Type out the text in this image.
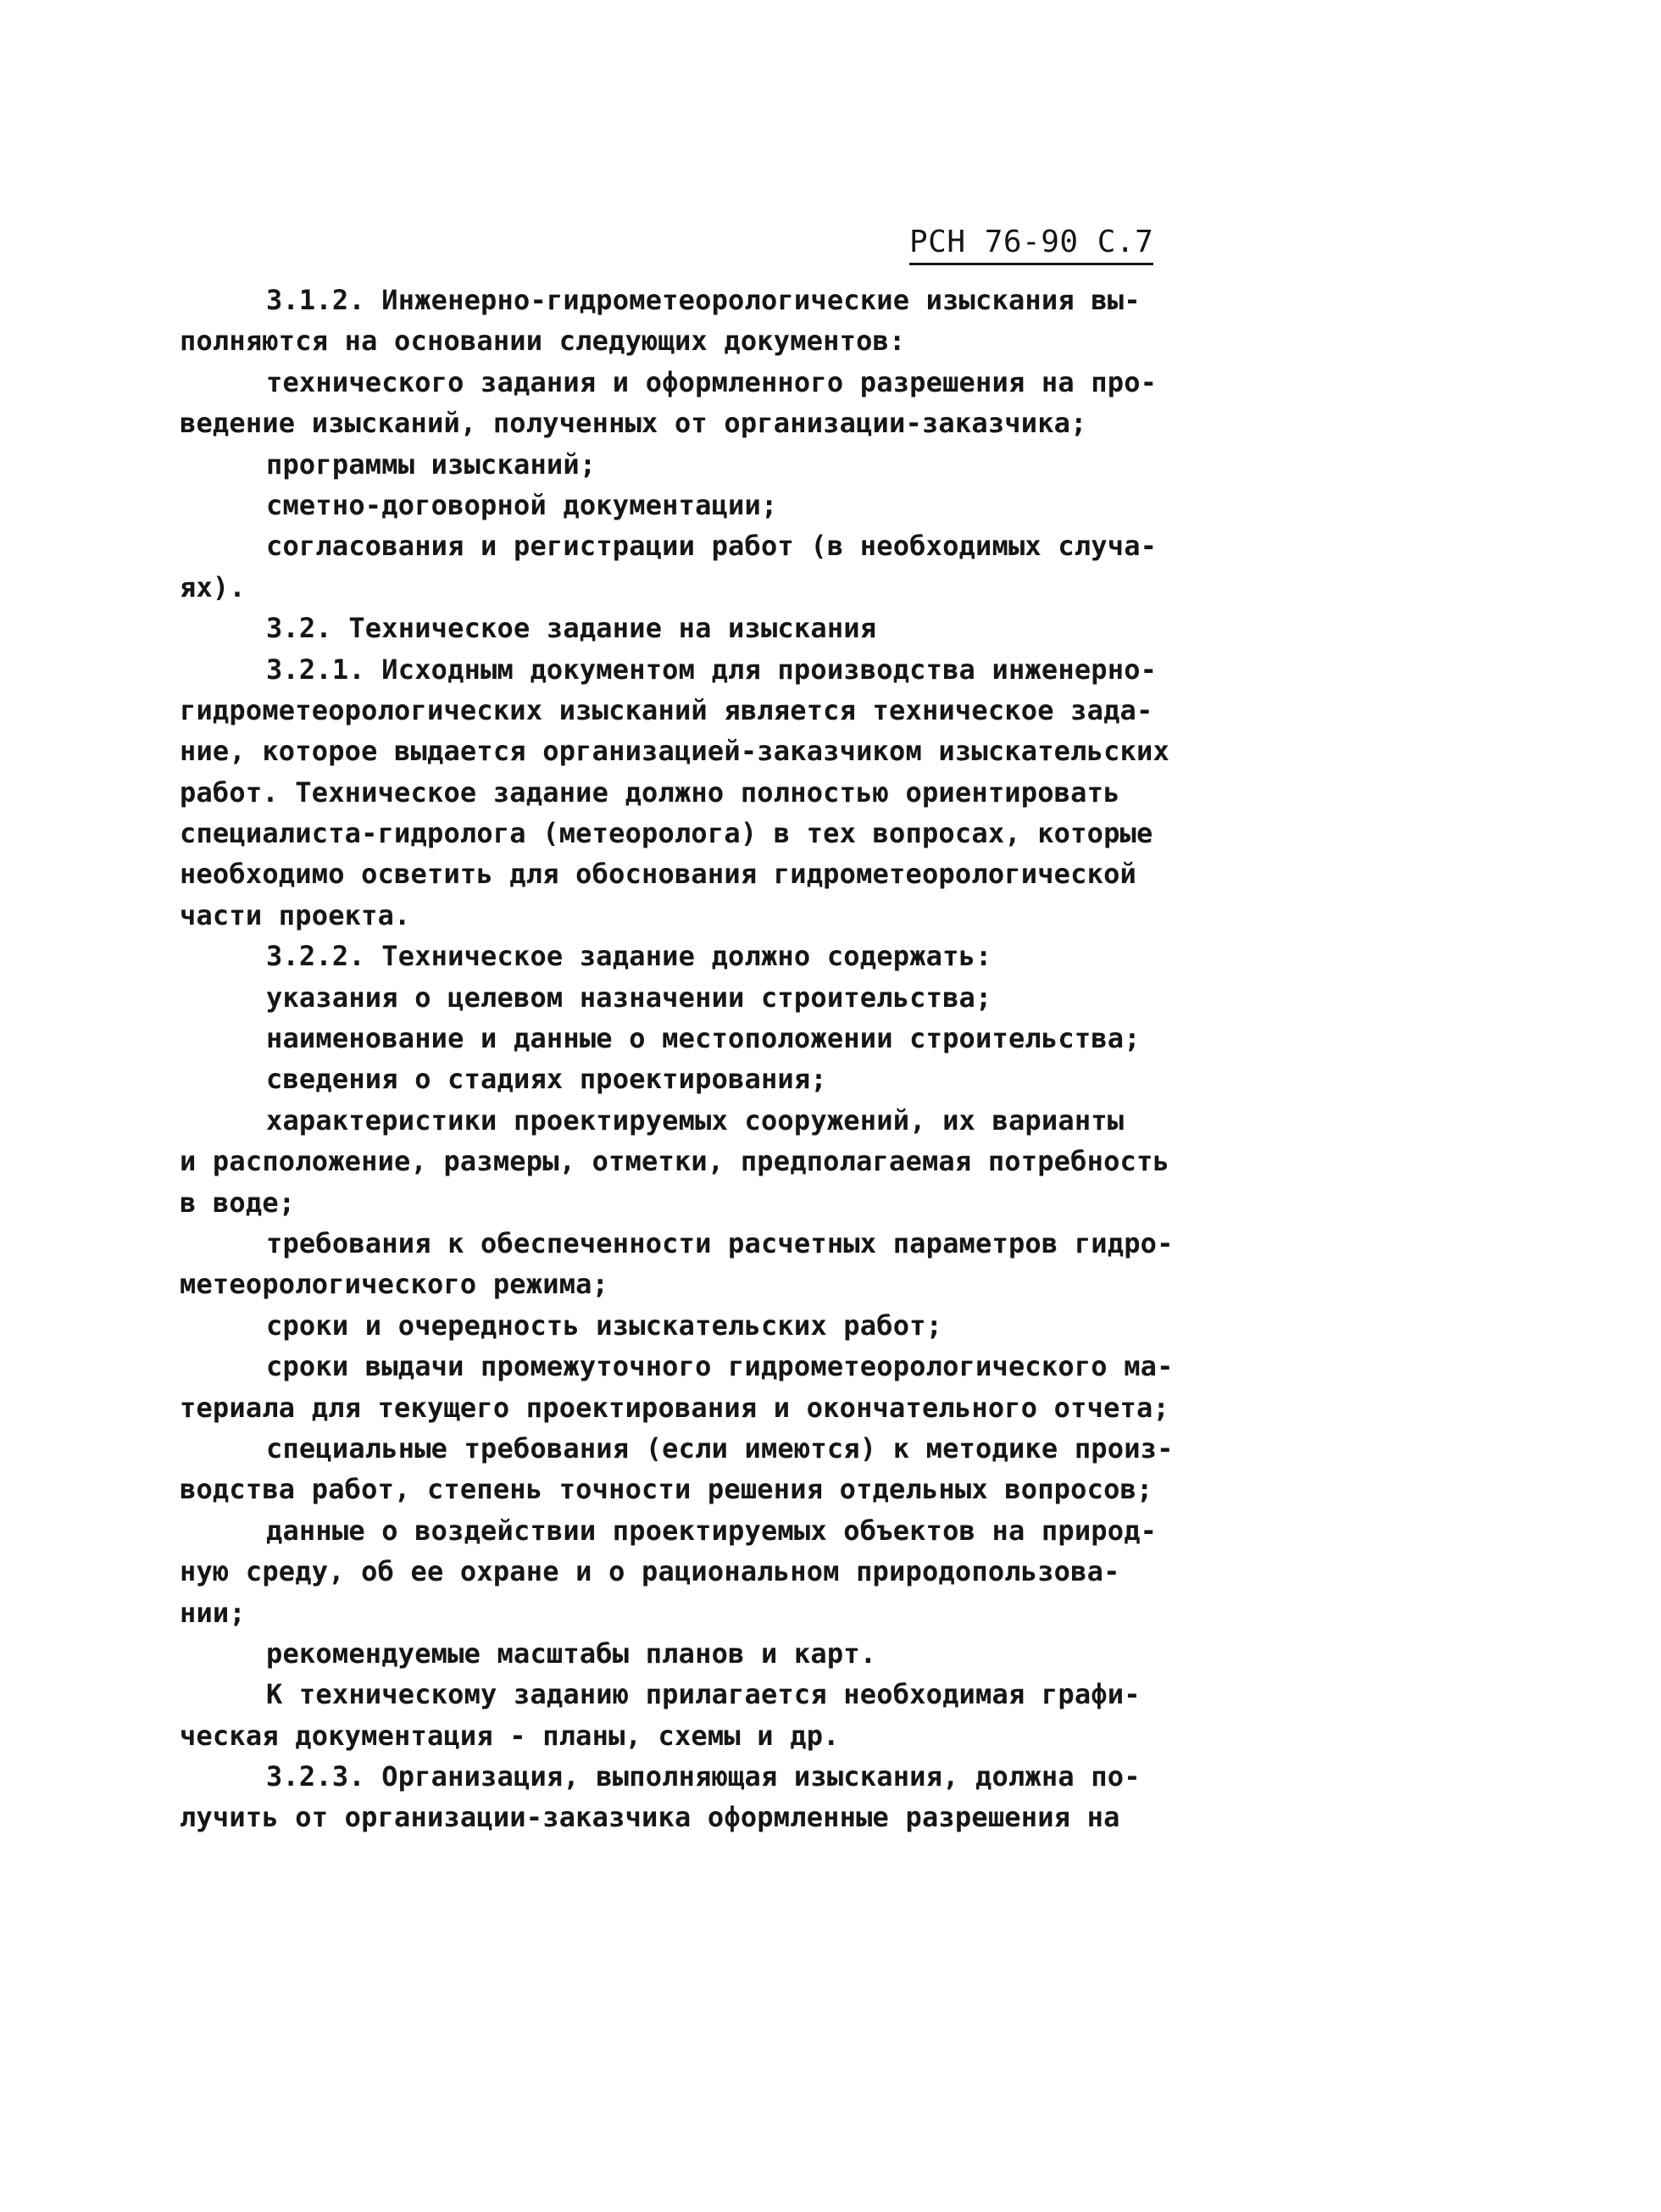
РСН 76-90 С.7
3.1.2. Инженерно-гидрометеорологические изыскания вы-
полняются на основании следующих документов:
технического задания и оформленного разрешения на про-
ведение изысканий, полученных от организации-заказчика;
программы изысканий;
сметно-договорной документации;
согласования и регистрации работ (в необходимых случа-
ях).
3.2. Техническое задание на изыскания
3.2.1. Исходным документом для производства инженерно-
гидрометеорологических изысканий является техническое зада-
ние, которое выдается организацией-заказчиком изыскательских
работ. Техническое задание должно полностью ориентировать
специалиста-гидролога (метеоролога) в тех вопросах, которые
необходимо осветить для обоснования гидрометеорологической
части проекта.
3.2.2. Техническое задание должно содержать:
указания о целевом назначении строительства;
наименование и данные о местоположении строительства;
сведения о стадиях проектирования;
характеристики проектируемых сооружений, их варианты
и расположение, размеры, отметки, предполагаемая потребность
в воде;
требования к обеспеченности расчетных параметров гидро-
метеорологического режима;
сроки и очередность изыскательских работ;
сроки выдачи промежуточного гидрометеорологического ма-
териала для текущего проектирования и окончательного отчета;
специальные требования (если имеются) к методике произ-
водства работ, степень точности решения отдельных вопросов;
данные о воздействии проектируемых объектов на природ-
ную среду, об ее охране и о рациональном природопользова-
нии;
рекомендуемые масштабы планов и карт.
К техническому заданию прилагается необходимая графи-
ческая документация - планы, схемы и др.
3.2.3. Организация, выполняющая изыскания, должна по-
лучить от организации-заказчика оформленные разрешения на
